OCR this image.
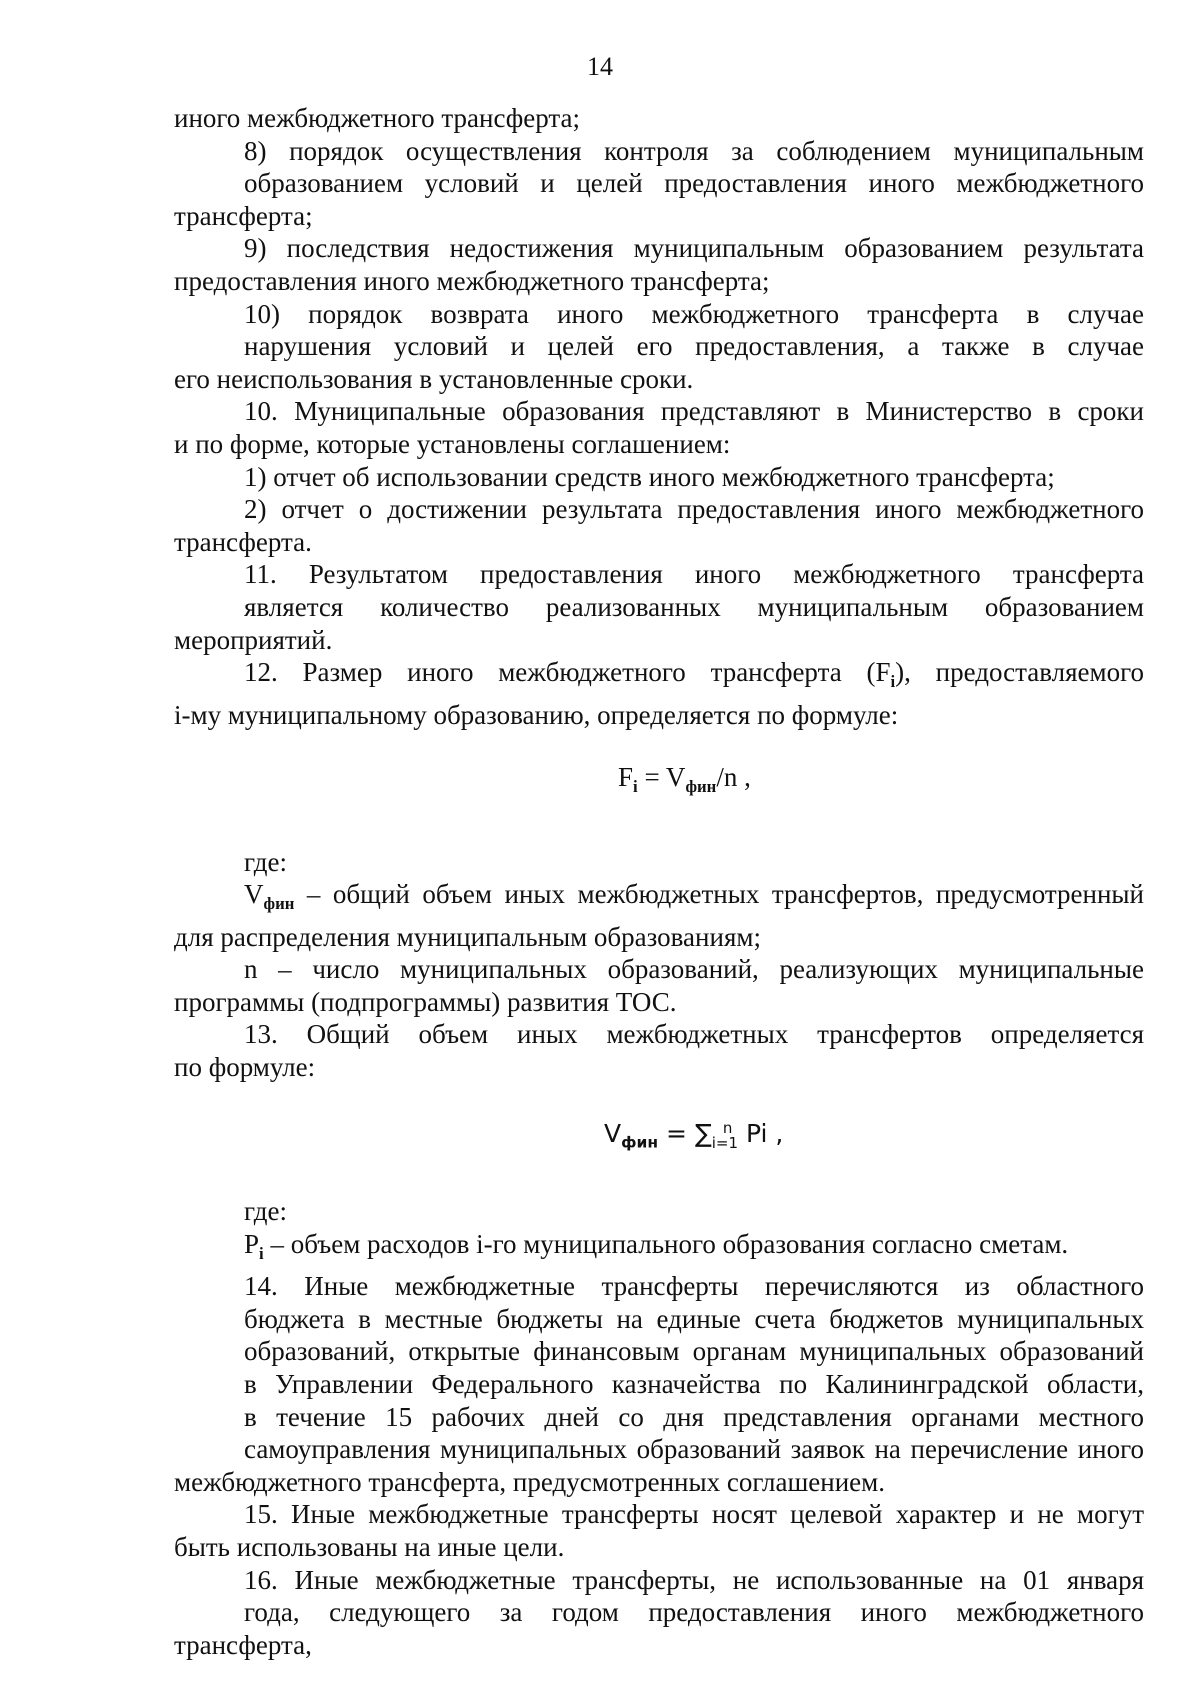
14

иного межбюджетного трансферта;

8) порядок осуществления контроля за соблюдением муниципальным
образованием условий и целей предоставления иного межбюджетного
трансферта;

9) последствия недостижения муниципальным образованием результата
предоставления иного межбюджетного трансферта;

10) порядок возврата иного межбюджетного трансферта в случае
нарушения условий и целей его предоставления, а также в случае
его неиспользования в установленные сроки.

10. Муниципальные образования представляют в Министерство в сроки
и по форме, которые установлены соглашением:

1) отчет об использовании средств иного межбюджетного трансферта;

2) отчет о достижении результата предоставления иного межбюджетного
трансферта.

11. Результатом предоставления иного межбюджетного трансферта
является количество реализованных муниципальным образованием
мероприятий.

12. Размер иного межбюджетного трансферта $(F_i)$, предоставляемого
i-му муниципальному образованию, определяется по формуле:

$F_i = V_{фин}/n$ ,

где:

$V_{фин}$ – общий объем иных межбюджетных трансфертов, предусмотренный
для распределения муниципальным образованиям;

n – число муниципальных образований, реализующих муниципальные
программы (подпрограммы) развития ТОС.

13. Общий объем иных межбюджетных трансфертов определяется
по формуле:

$V_{фин}$ = ∑ n
$_{i=1}$ Pi ,

где:

$P_i$ – объем расходов i-го муниципального образования согласно сметам.

14. Иные межбюджетные трансферты перечисляются из областного
бюджета в местные бюджеты на единые счета бюджетов муниципальных
образований, открытые финансовым органам муниципальных образований
в Управлении Федерального казначейства по Калининградской области,
в течение 15 рабочих дней со дня представления органами местного
самоуправления муниципальных образований заявок на перечисление иного
межбюджетного трансферта, предусмотренных соглашением.

15. Иные межбюджетные трансферты носят целевой характер и не могут
быть использованы на иные цели.

16. Иные межбюджетные трансферты, не использованные на 01 января
года, следующего за годом предоставления иного межбюджетного трансферта,
